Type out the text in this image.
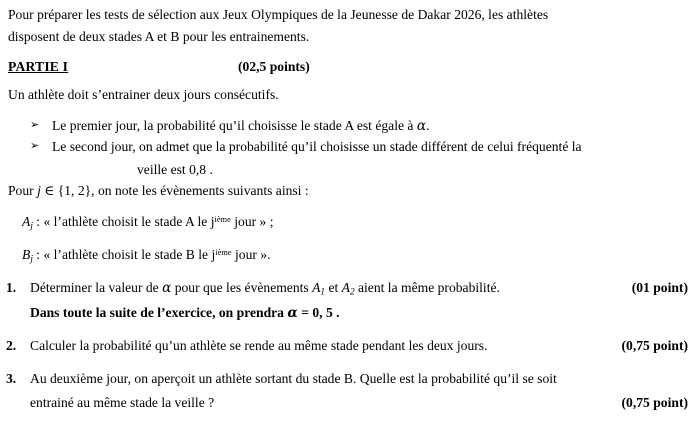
Pour préparer les tests de sélection aux Jeux Olympiques de la Jeunesse de Dakar 2026, les athlètes
disposent de deux stades A et B pour les entrainements.
PARTIE I	(02,5 points)
Un athlète doit s’entrainer deux jours consécutifs.
➢ Le premier jour, la probabilité qu’il choisisse le stade A est égale à α.
➢ Le second jour, on admet que la probabilité qu’il choisisse un stade différent de celui fréquenté la
veille est 0,8 .
Pour j ∈ {1, 2}, on note les évènements suivants ainsi :
$A_j$ : « l’athlète choisit le stade A le $j^{ième}$ jour » ;
$B_j$ : « l’athlète choisit le stade B le $j^{ième}$ jour ».
1. Déterminer la valeur de α pour que les évènements $A_1$ et $A_2$ aient la même probabilité.	(01 point)
Dans toute la suite de l’exercice, on prendra α = 0, 5 .
2. Calculer la probabilité qu’un athlète se rende au même stade pendant les deux jours.	(0,75 point)
3. Au deuxième jour, on aperçoit un athlète sortant du stade B. Quelle est la probabilité qu’il se soit
entrainé au même stade la veille ?	(0,75 point)
